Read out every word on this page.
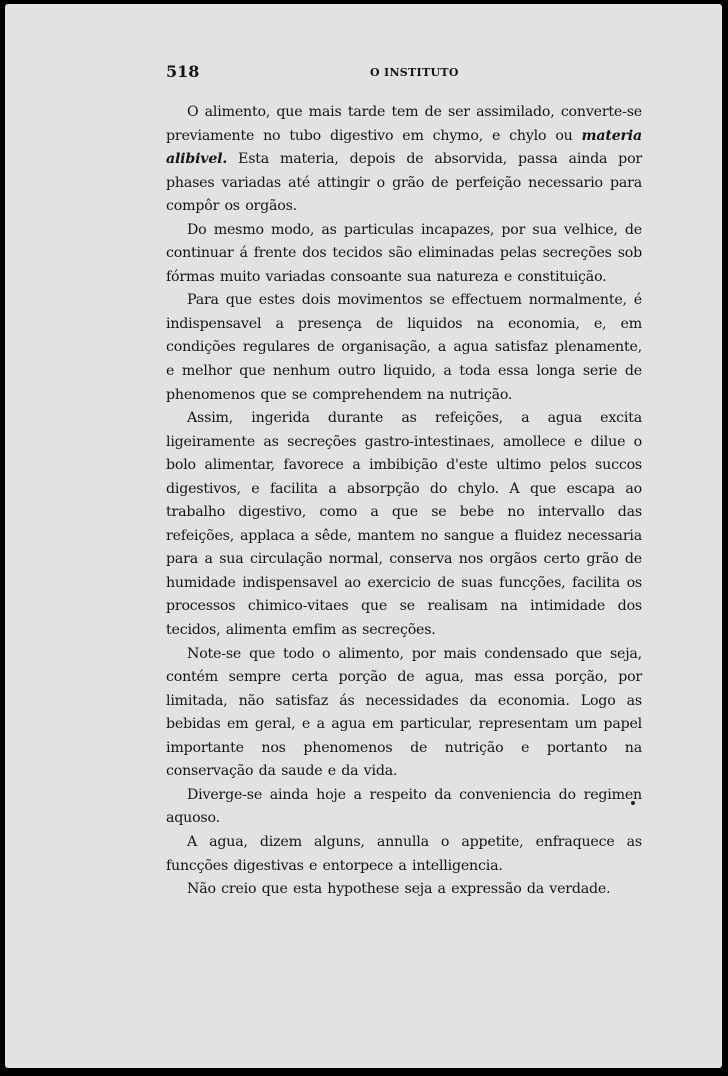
518	O INSTITUTO

O alimento, que mais tarde tem de ser assimilado, converte-se previamente no tubo digestivo em chymo, e chylo ou materia alibivel. Esta materia, depois de absorvida, passa ainda por phases variadas até attingir o grão de perfeição necessario para compôr os orgãos.

Do mesmo modo, as particulas incapazes, por sua velhice, de continuar á frente dos tecidos são eliminadas pelas secreções sob fórmas muito variadas consoante sua natureza e constituição.

Para que estes dois movimentos se effectuem normalmente, é indispensavel a presença de liquidos na economia, e, em condições regulares de organisação, a agua satisfaz plenamente, e melhor que nenhum outro liquido, a toda essa longa serie de phenomenos que se comprehendem na nutrição.

Assim, ingerida durante as refeições, a agua excita ligeiramente as secreções gastro-intestinaes, amollece e dilue o bolo alimentar, favorece a imbibição d'este ultimo pelos succos digestivos, e facilita a absorpção do chylo. A que escapa ao trabalho digestivo, como a que se bebe no intervallo das refeições, applaca a sêde, mantem no sangue a fluidez necessaria para a sua circulação normal, conserva nos orgãos certo grão de humidade indispensavel ao exercicio de suas funcções, facilita os processos chimico-vitaes que se realisam na intimidade dos tecidos, alimenta emfim as secreções.

Note-se que todo o alimento, por mais condensado que seja, contém sempre certa porção de agua, mas essa porção, por limitada, não satisfaz ás necessidades da economia. Logo as bebidas em geral, e a agua em particular, representam um papel importante nos phenomenos de nutrição e portanto na conservação da saude e da vida.

Diverge-se ainda hoje a respeito da conveniencia do regimen aquoso.

A agua, dizem alguns, annulla o appetite, enfraquece as funcções digestivas e entorpece a intelligencia.

Não creio que esta hypothese seja a expressão da verdade.
